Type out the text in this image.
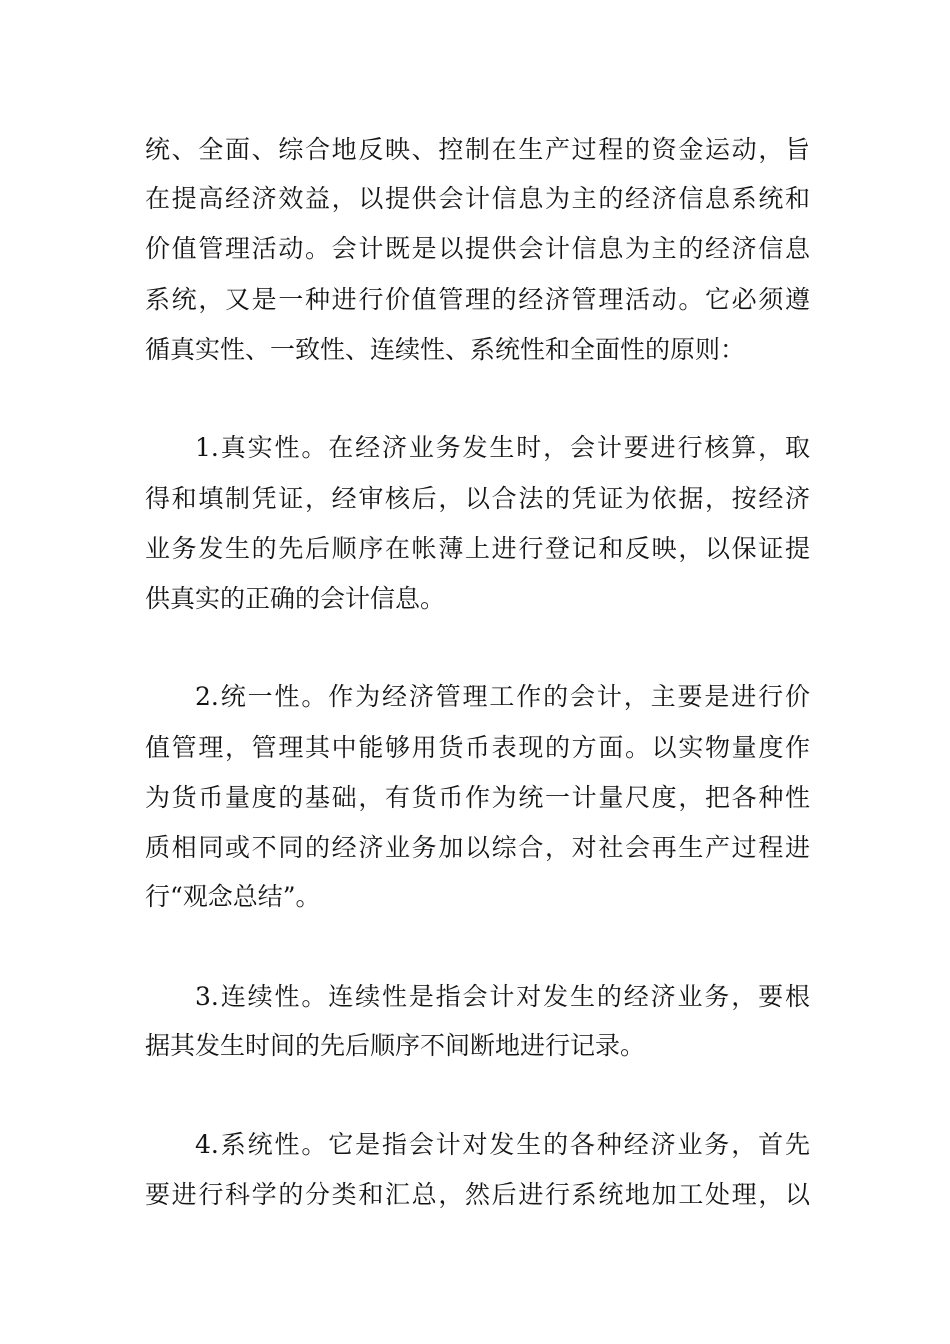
统、全面、综合地反映、控制在生产过程的资金运动，旨
在提高经济效益，以提供会计信息为主的经济信息系统和
价值管理活动。会计既是以提供会计信息为主的经济信息
系统，又是一种进行价值管理的经济管理活动。它必须遵
循真实性、一致性、连续性、系统性和全面性的原则：
1.真实性。在经济业务发生时，会计要进行核算，取
得和填制凭证，经审核后，以合法的凭证为依据，按经济
业务发生的先后顺序在帐薄上进行登记和反映，以保证提
供真实的正确的会计信息。
2.统一性。作为经济管理工作的会计，主要是进行价
值管理，管理其中能够用货币表现的方面。以实物量度作
为货币量度的基础，有货币作为统一计量尺度，把各种性
质相同或不同的经济业务加以综合，对社会再生产过程进
行“观念总结”。
3.连续性。连续性是指会计对发生的经济业务，要根
据其发生时间的先后顺序不间断地进行记录。
4.系统性。它是指会计对发生的各种经济业务，首先
要进行科学的分类和汇总，然后进行系统地加工处理，以
